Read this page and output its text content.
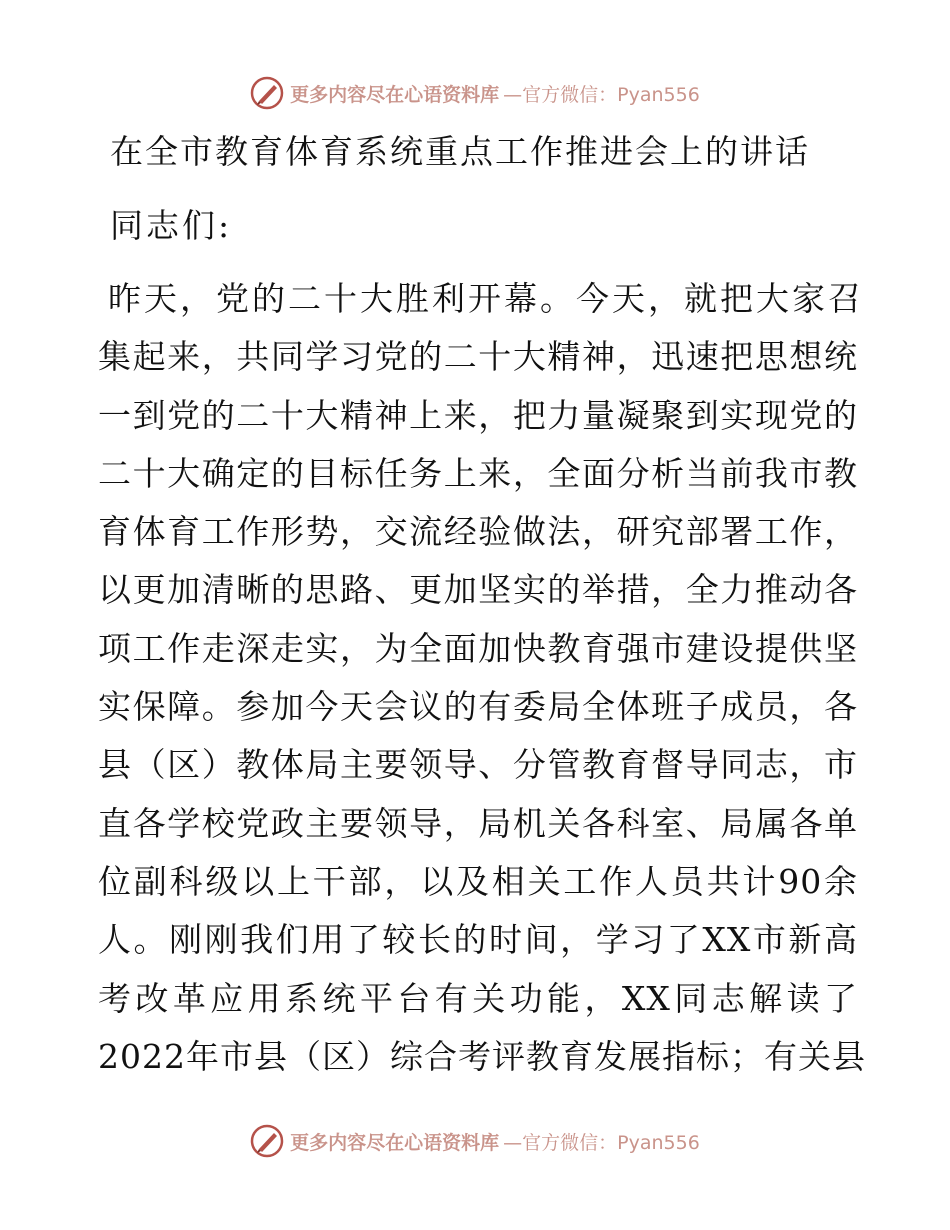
更多内容尽在心语资料库 —官方微信：Pyan556
在全市教育体育系统重点工作推进会上的讲话

同志们:

昨天，党的二十大胜利开幕。今天，就把大家召
集起来，共同学习党的二十大精神，迅速把思想统
一到党的二十大精神上来，把力量凝聚到实现党的
二十大确定的目标任务上来，全面分析当前我市教
育体育工作形势，交流经验做法，研究部署工作，
以更加清晰的思路、更加坚实的举措，全力推动各
项工作走深走实，为全面加快教育强市建设提供坚
实保障。参加今天会议的有委局全体班子成员，各
县（区）教体局主要领导、分管教育督导同志，市
直各学校党政主要领导，局机关各科室、局属各单
位副科级以上干部，以及相关工作人员共计90余
人。刚刚我们用了较长的时间，学习了XX市新高
考改革应用系统平台有关功能，XX同志解读了
2022年市县（区）综合考评教育发展指标；有关县
更多内容尽在心语资料库 —官方微信：Pyan556
